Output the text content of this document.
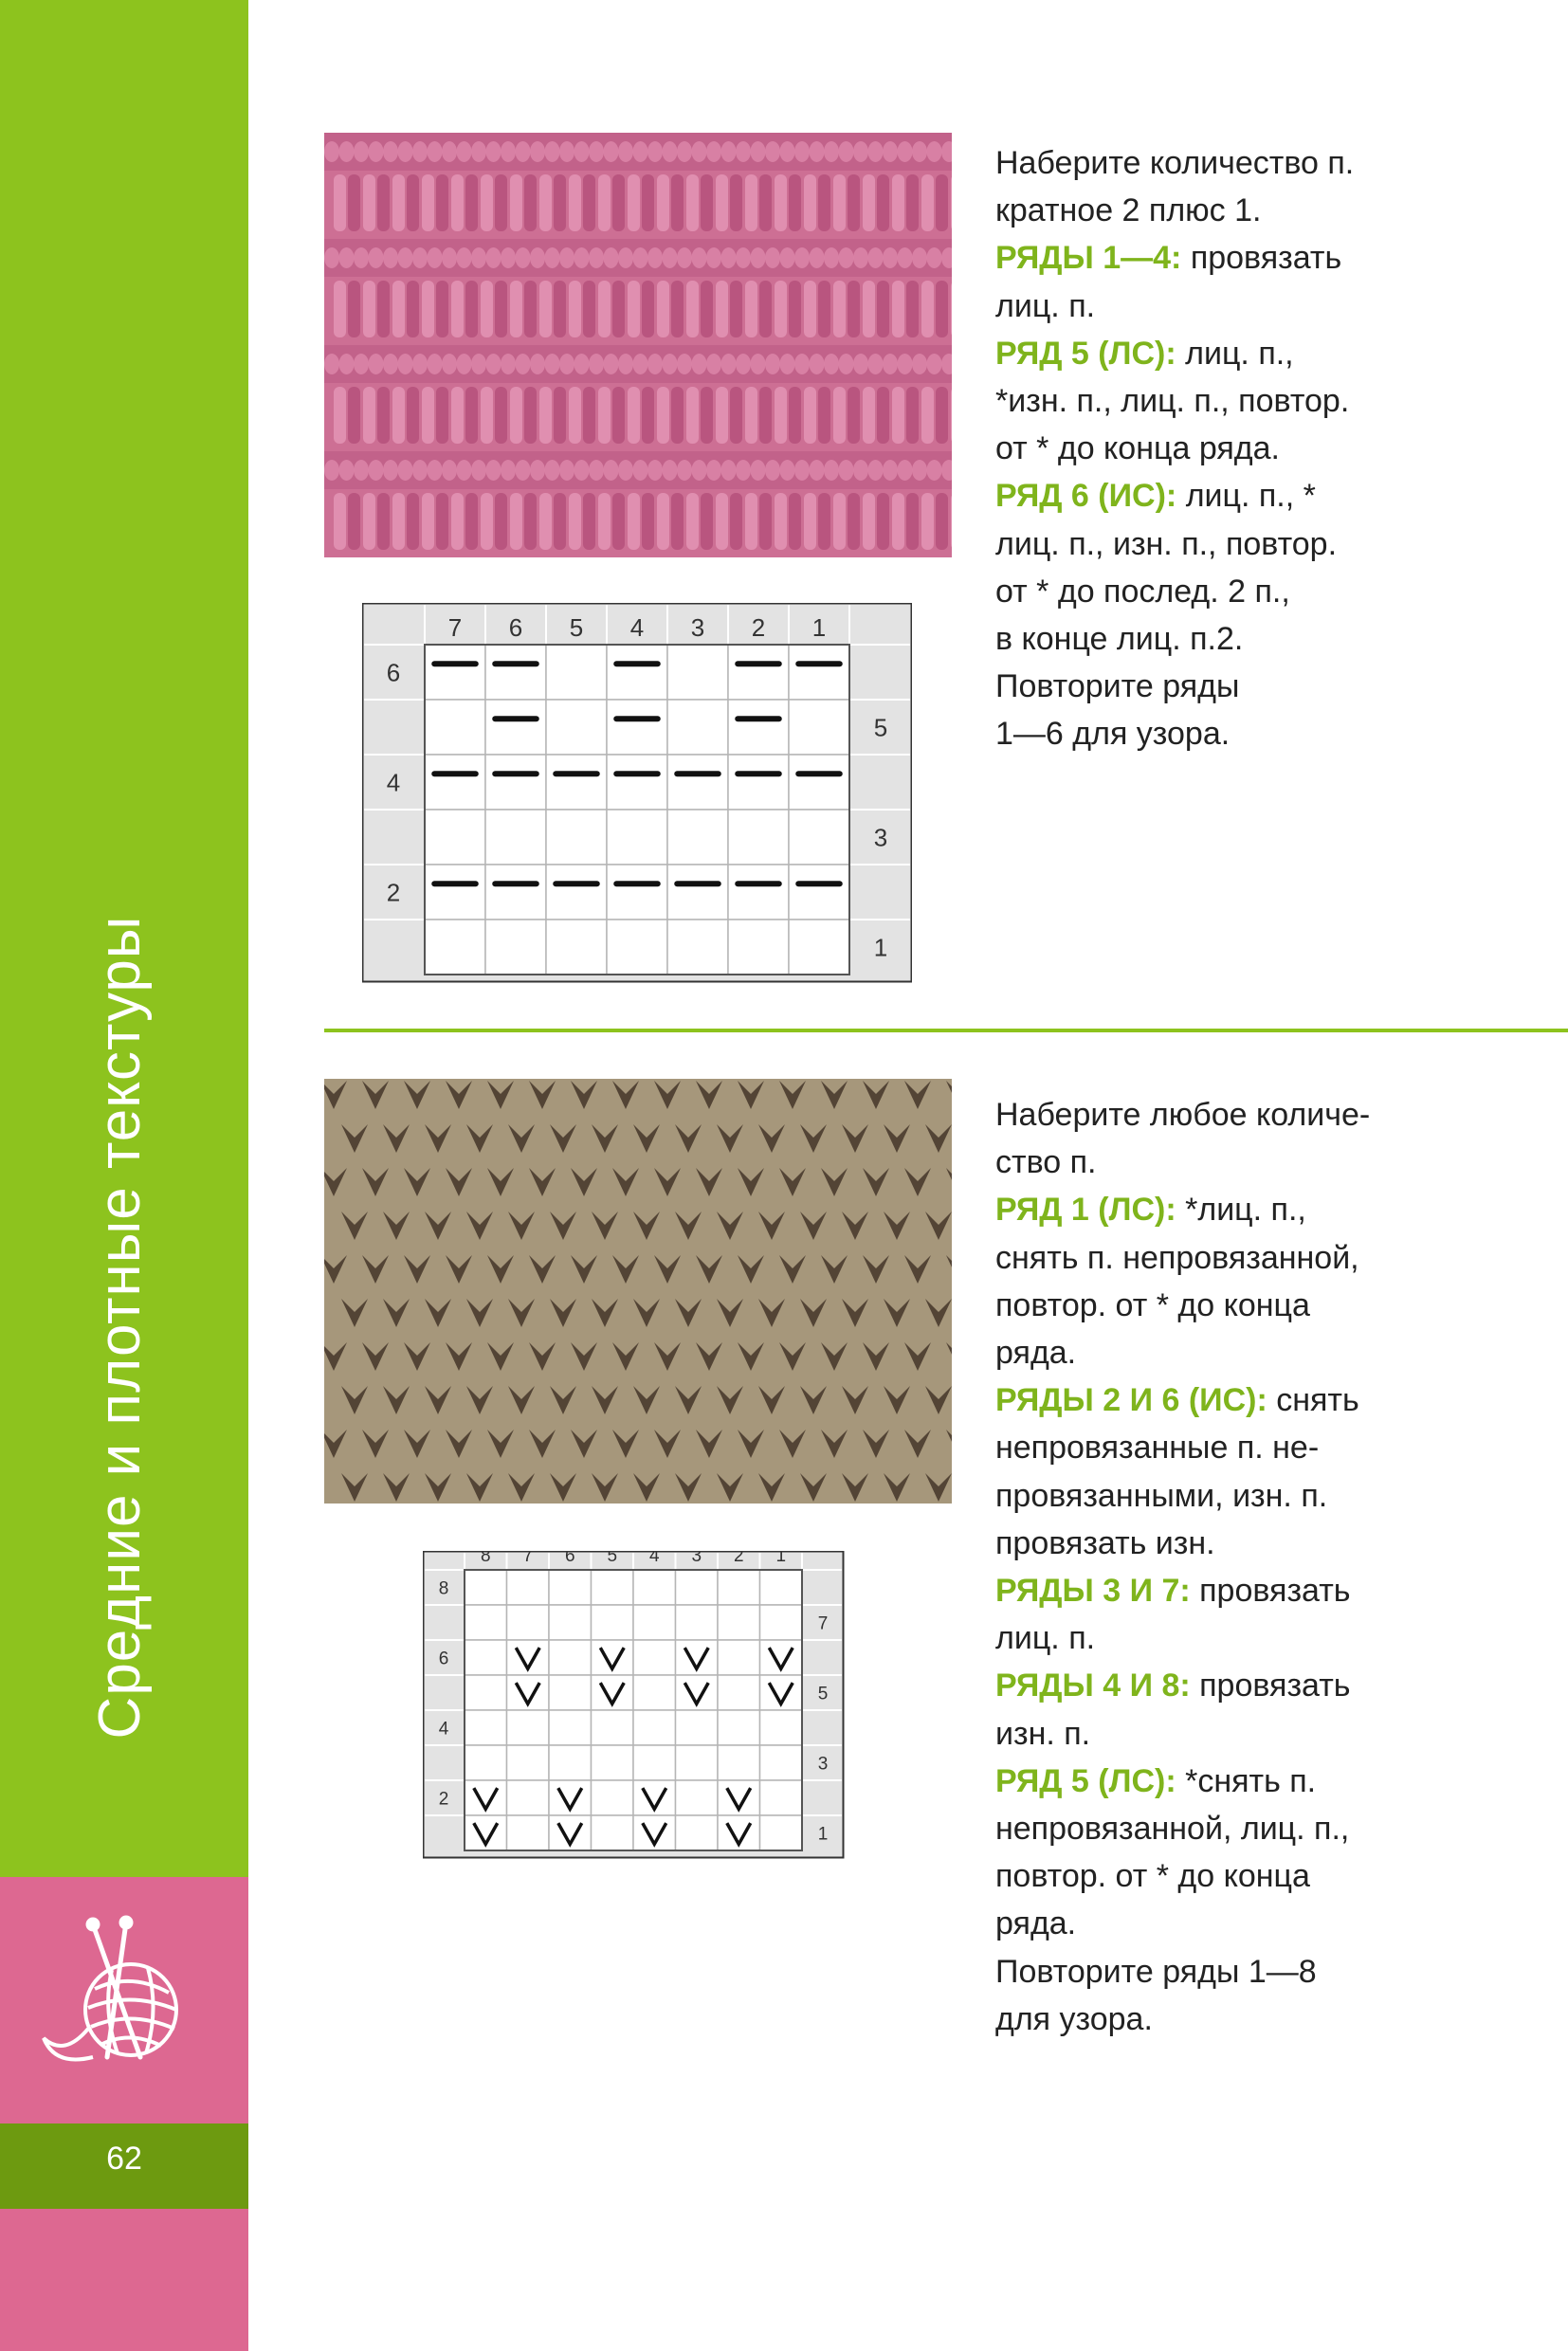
Средние и плотные текстуры
62
7 6 5 4 3 2 1
6
5
4
3
2
1

Наберите количество п.

кратное 2 плюс 1.

РЯДЫ 1—4: провязать

лиц. п.

РЯД 5 (ЛС): лиц. п.,

*изн. п., лиц. п., повтор.

от * до конца ряда.

РЯД 6 (ИС): лиц. п., *

лиц. п., изн. п., повтор.

от * до послед. 2 п.,

в конце лиц. п.2.

Повторите ряды

1—6 для узора.

8 7 6 5 4 3 2 1
8
7
6
5
4
3
2
1

Наберите любое количе-

ство п.

РЯД 1 (ЛС): *лиц. п.,

снять п. непровязанной,

повтор. от * до конца

ряда.

РЯДЫ 2 И 6 (ИС): снять

непровязанные п. не-

провязанными, изн. п.

провязать изн.

РЯДЫ 3 И 7: провязать

лиц. п.

РЯДЫ 4 И 8: провязать

изн. п.

РЯД 5 (ЛС): *снять п.

непровязанной, лиц. п.,

повтор. от * до конца

ряда.

Повторите ряды 1—8

для узора.
